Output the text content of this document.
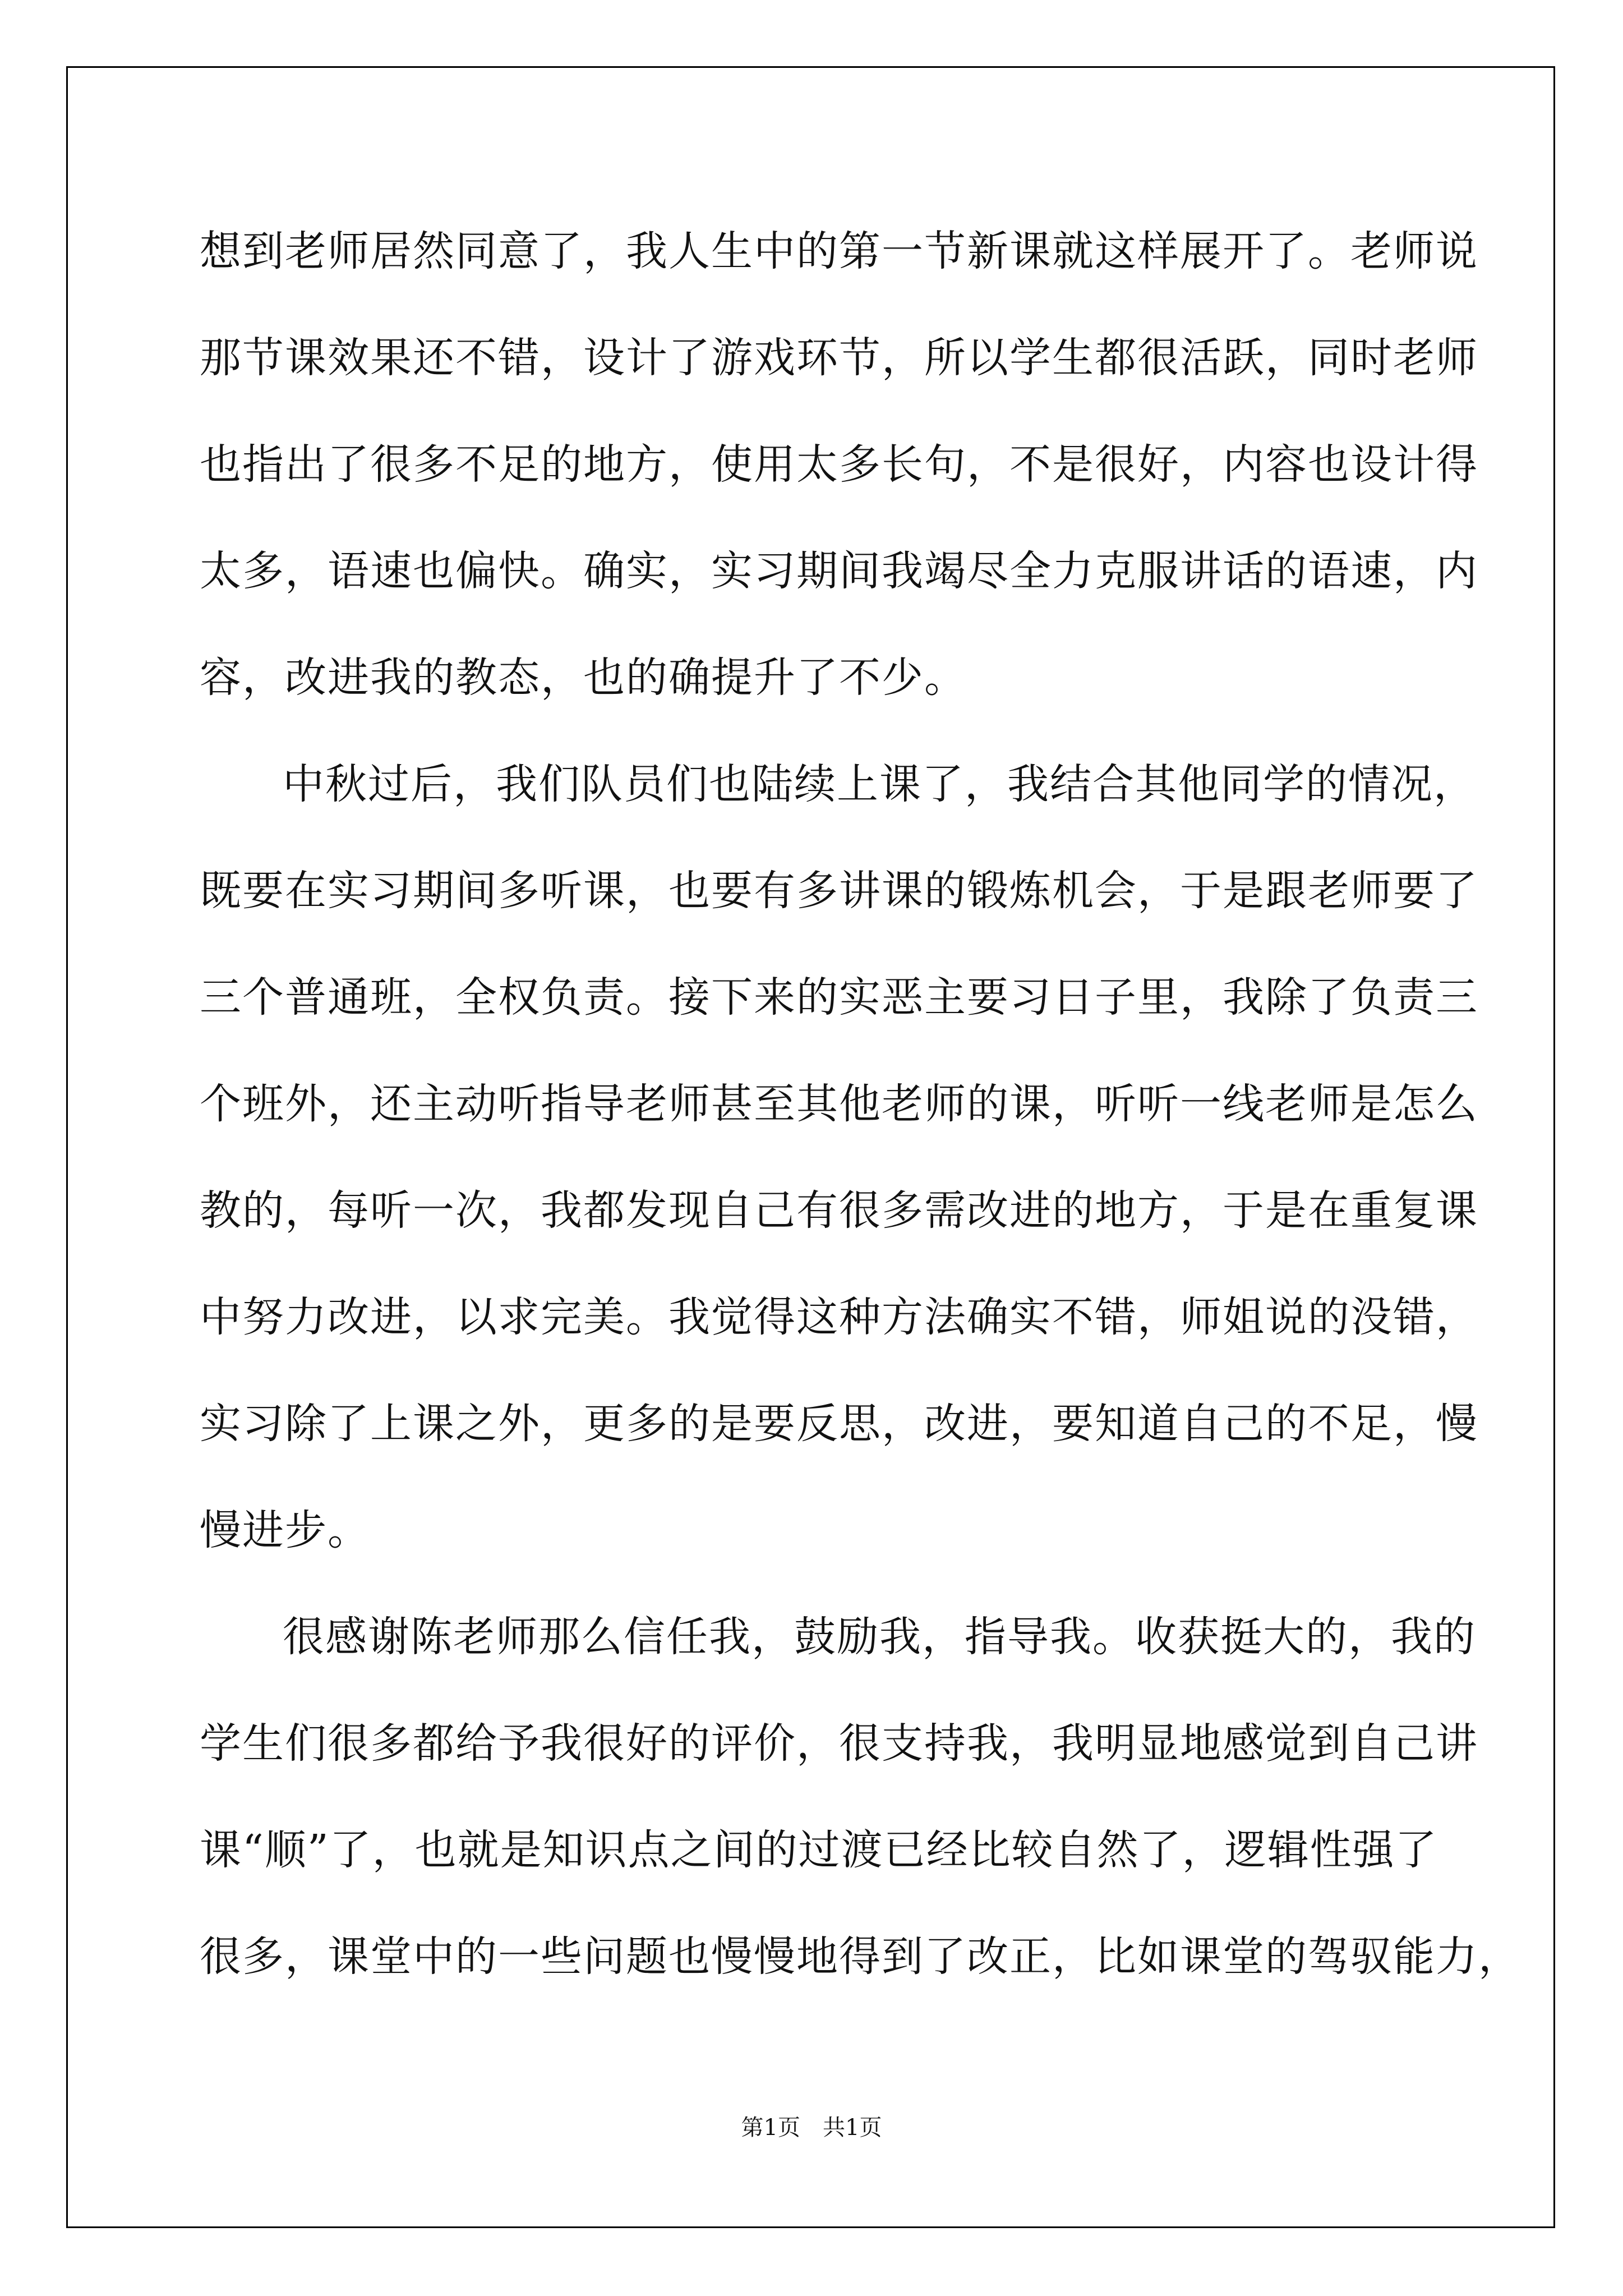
想到老师居然同意了，我人生中的第一节新课就这样展开了。老师说
那节课效果还不错，设计了游戏环节，所以学生都很活跃，同时老师
也指出了很多不足的地方，使用太多长句，不是很好，内容也设计得
太多，语速也偏快。确实，实习期间我竭尽全力克服讲话的语速，内
容，改进我的教态，也的确提升了不少。
中秋过后，我们队员们也陆续上课了，我结合其他同学的情况，
既要在实习期间多听课，也要有多讲课的锻炼机会，于是跟老师要了
三个普通班，全权负责。接下来的实恶主要习日子里，我除了负责三
个班外，还主动听指导老师甚至其他老师的课，听听一线老师是怎么
教的，每听一次，我都发现自己有很多需改进的地方，于是在重复课
中努力改进，以求完美。我觉得这种方法确实不错，师姐说的没错，
实习除了上课之外，更多的是要反思，改进，要知道自己的不足，慢
慢进步。
很感谢陈老师那么信任我，鼓励我，指导我。收获挺大的，我的
学生们很多都给予我很好的评价，很支持我，我明显地感觉到自己讲
课“顺”了，也就是知识点之间的过渡已经比较自然了，逻辑性强了
很多，课堂中的一些问题也慢慢地得到了改正，比如课堂的驾驭能力，
第1页 共1页
